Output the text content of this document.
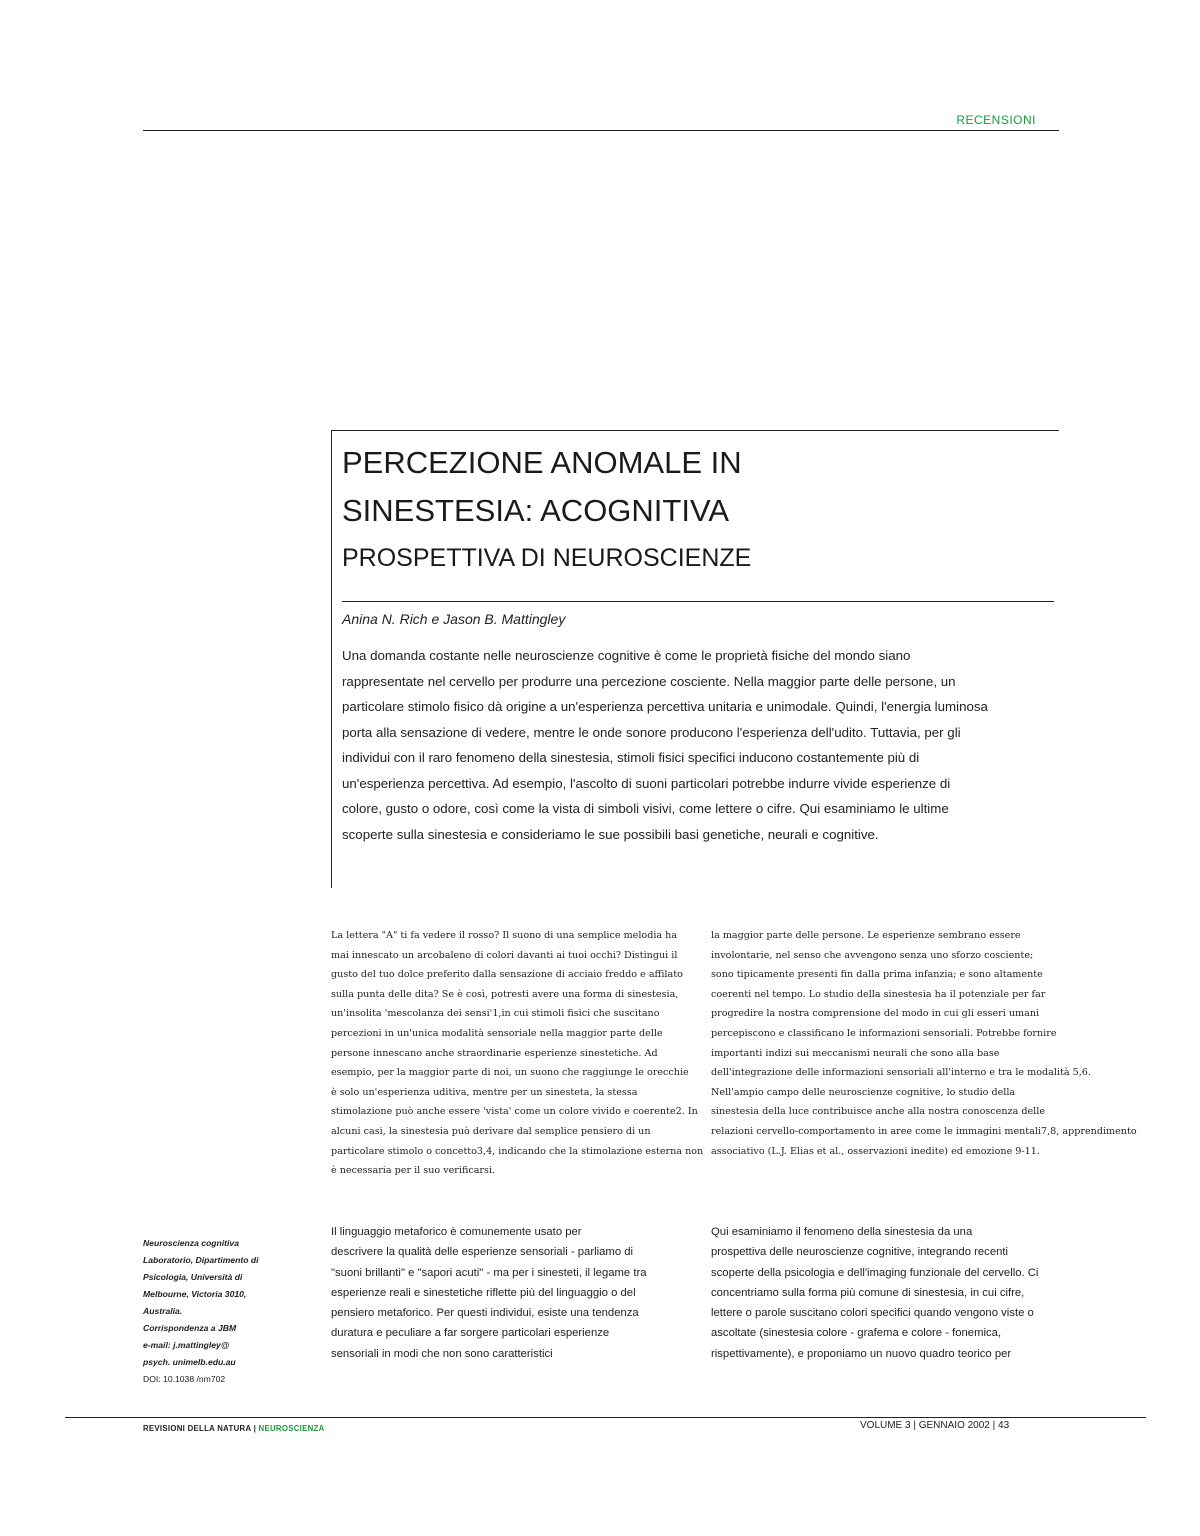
RECENSIONI
PERCEZIONE ANOMALE IN
SINESTESIA: ACOGNITIVA
PROSPETTIVA DI NEUROSCIENZE
Anina N. Rich e Jason B. Mattingley
Una domanda costante nelle neuroscienze cognitive è come le proprietà fisiche del mondo siano
rappresentate nel cervello per produrre una percezione cosciente. Nella maggior parte delle persone, un
particolare stimolo fisico dà origine a un'esperienza percettiva unitaria e unimodale. Quindi, l'energia luminosa
porta alla sensazione di vedere, mentre le onde sonore producono l'esperienza dell'udito. Tuttavia, per gli
individui con il raro fenomeno della sinestesia, stimoli fisici specifici inducono costantemente più di
un'esperienza percettiva. Ad esempio, l'ascolto di suoni particolari potrebbe indurre vivide esperienze di
colore, gusto o odore, così come la vista di simboli visivi, come lettere o cifre. Qui esaminiamo le ultime
scoperte sulla sinestesia e consideriamo le sue possibili basi genetiche, neurali e cognitive.
La lettera "A" ti fa vedere il rosso? Il suono di una semplice melodia ha
mai innescato un arcobaleno di colori davanti ai tuoi occhi? Distingui il
gusto del tuo dolce preferito dalla sensazione di acciaio freddo e affilato
sulla punta delle dita? Se è così, potresti avere una forma di sinestesia,
un'insolita 'mescolanza dei sensi'1,in cui stimoli fisici che suscitano
percezioni in un'unica modalità sensoriale nella maggior parte delle
persone innescano anche straordinarie esperienze sinestetiche. Ad
esempio, per la maggior parte di noi, un suono che raggiunge le orecchie
è solo un'esperienza uditiva, mentre per un sinesteta, la stessa
stimolazione può anche essere 'vista' come un colore vivido e coerente2. In
alcuni casi, la sinestesia può derivare dal semplice pensiero di un
particolare stimolo o concetto3,4, indicando che la stimolazione esterna non
è necessaria per il suo verificarsi.
la maggior parte delle persone. Le esperienze sembrano essere
involontarie, nel senso che avvengono senza uno sforzo cosciente;
sono tipicamente presenti fin dalla prima infanzia; e sono altamente
coerenti nel tempo. Lo studio della sinestesia ha il potenziale per far
progredire la nostra comprensione del modo in cui gli esseri umani
percepiscono e classificano le informazioni sensoriali. Potrebbe fornire
importanti indizi sui meccanismi neurali che sono alla base
dell'integrazione delle informazioni sensoriali all'interno e tra le modalità 5,6.
Nell'ampio campo delle neuroscienze cognitive, lo studio della
sinestesia della luce contribuisce anche alla nostra conoscenza delle
relazioni cervello-comportamento in aree come le immagini mentali7,8, apprendimento
associativo (L.J. Elias et al., osservazioni inedite) ed emozione 9-11.
Neuroscienza cognitiva
Laboratorio, Dipartimento di
Psicologia, Università di
Melbourne, Victoria 3010,
Australia.
Corrispondenza a JBM
e-mail: j.mattingley@
psych. unimelb.edu.au
DOI: 10.1038 /nm702
Il linguaggio metaforico è comunemente usato per
descrivere la qualità delle esperienze sensoriali - parliamo di
"suoni brillanti" e "sapori acuti" - ma per i sinesteti, il legame tra
esperienze reali e sinestetiche riflette più del linguaggio o del
pensiero metaforico. Per questi individui, esiste una tendenza
duratura e peculiare a far sorgere particolari esperienze
sensoriali in modi che non sono caratteristici
Qui esaminiamo il fenomeno della sinestesia da una
prospettiva delle neuroscienze cognitive, integrando recenti
scoperte della psicologia e dell'imaging funzionale del cervello. Ci
concentriamo sulla forma più comune di sinestesia, in cui cifre,
lettere o parole suscitano colori specifici quando vengono viste o
ascoltate (sinestesia colore - grafema e colore - fonemica,
rispettivamente), e proponiamo un nuovo quadro teorico per
REVISIONI DELLA NATURA | NEUROSCIENZA	VOLUME 3 | GENNAIO 2002 | 43
